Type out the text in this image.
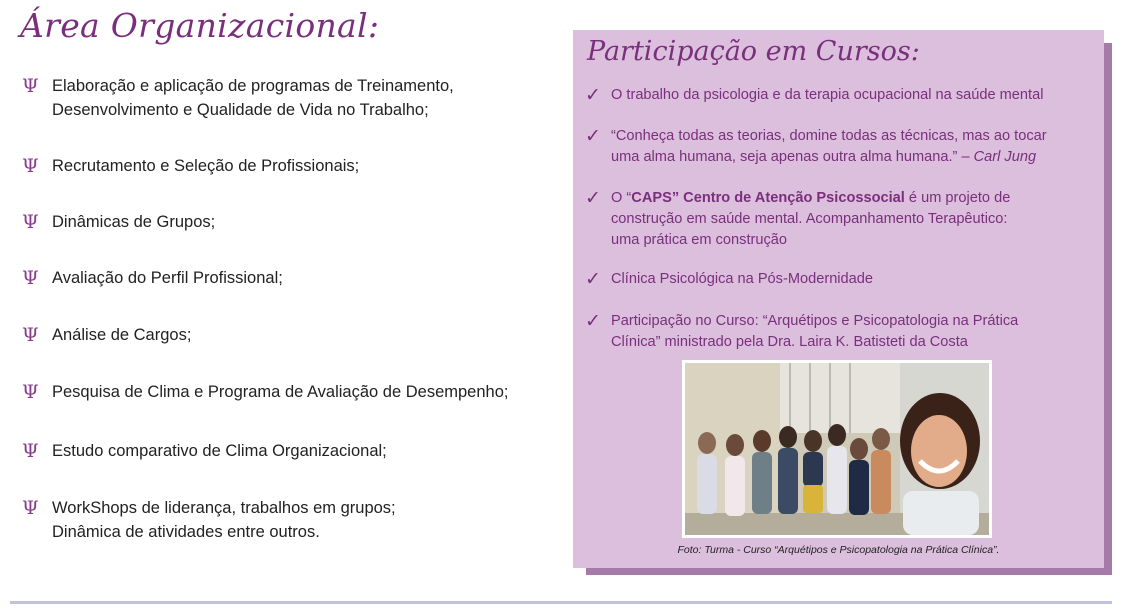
Área Organizacional:
Ψ Elaboração e aplicação de programas de Treinamento,
Desenvolvimento e Qualidade de Vida no Trabalho;
Ψ Recrutamento e Seleção de Profissionais;
Ψ Dinâmicas de Grupos;
Ψ Avaliação do Perfil Profissional;
Ψ Análise de Cargos;
Ψ Pesquisa de Clima e Programa de Avaliação de Desempenho;
Ψ Estudo comparativo de Clima Organizacional;
Ψ WorkShops de liderança, trabalhos em grupos;
Dinâmica de atividades entre outros.
Participação em Cursos:
✓ O trabalho da psicologia e da terapia ocupacional na saúde mental
✓ “Conheça todas as teorias, domine todas as técnicas, mas ao tocar
uma alma humana, seja apenas outra alma humana.” – Carl Jung
✓ O “CAPS” Centro de Atenção Psicossocial é um projeto de
construção em saúde mental. Acompanhamento Terapêutico:
uma prática em construção
✓ Clínica Psicológica na Pós-Modernidade
✓ Participação no Curso: “Arquétipos e Psicopatologia na Prática
Clínica” ministrado pela Dra. Laira K. Batisteti da Costa
Foto: Turma - Curso “Arquétipos e Psicopatologia na Prática Clínica”.
